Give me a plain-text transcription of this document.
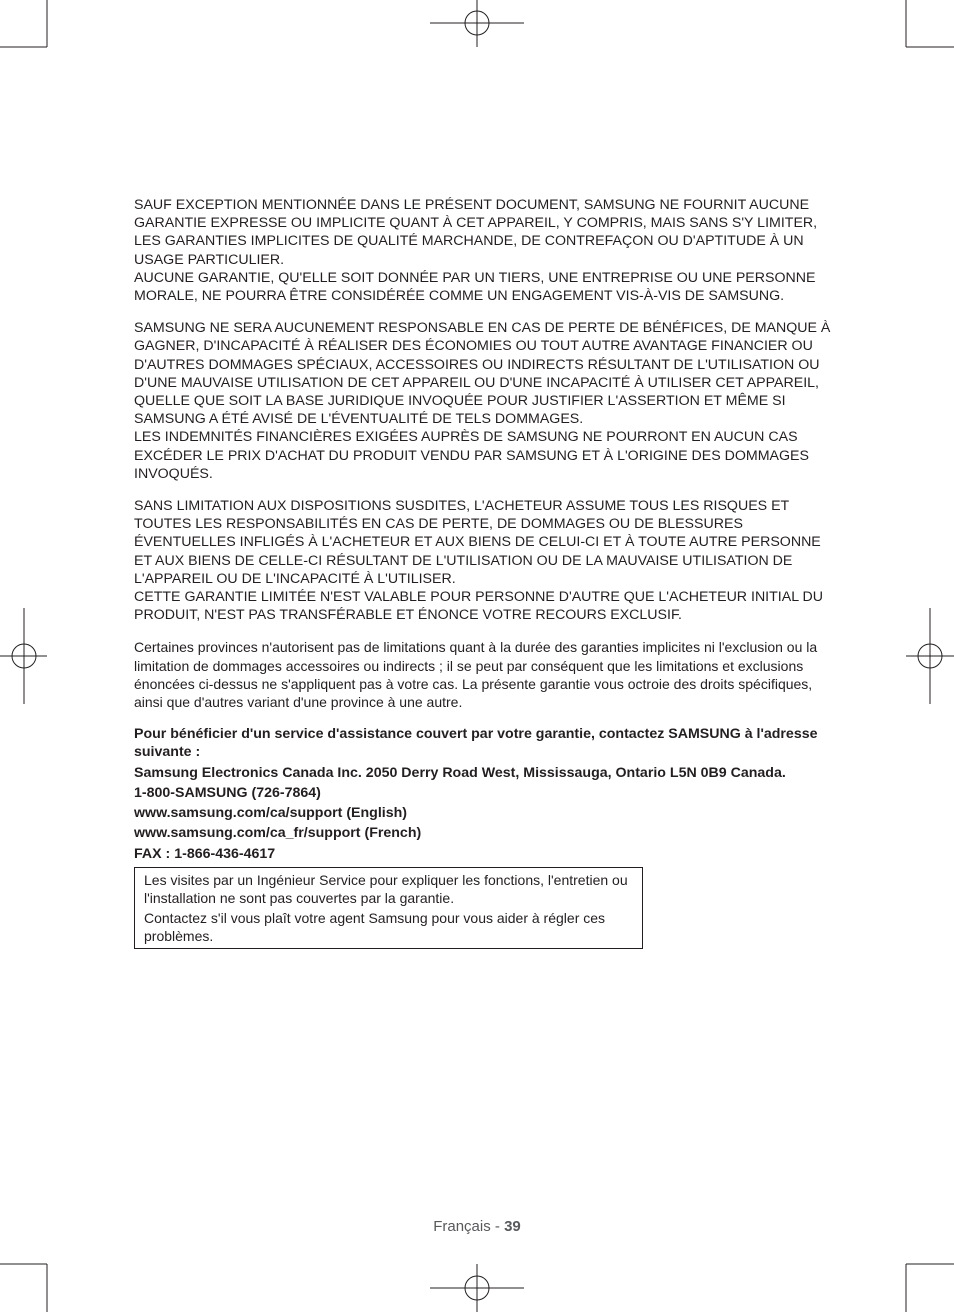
SAUF EXCEPTION MENTIONNÉE DANS LE PRÉSENT DOCUMENT, SAMSUNG NE FOURNIT AUCUNE GARANTIE EXPRESSE OU IMPLICITE QUANT À CET APPAREIL, Y COMPRIS, MAIS SANS S'Y LIMITER, LES GARANTIES IMPLICITES DE QUALITÉ MARCHANDE, DE CONTREFAÇON OU D'APTITUDE À UN USAGE PARTICULIER.
AUCUNE GARANTIE, QU'ELLE SOIT DONNÉE PAR UN TIERS, UNE ENTREPRISE OU UNE PERSONNE MORALE, NE POURRA ÊTRE CONSIDÉRÉE COMME UN ENGAGEMENT VIS-À-VIS DE SAMSUNG.

SAMSUNG NE SERA AUCUNEMENT RESPONSABLE EN CAS DE PERTE DE BÉNÉFICES, DE MANQUE À GAGNER, D'INCAPACITÉ À RÉALISER DES ÉCONOMIES OU TOUT AUTRE AVANTAGE FINANCIER OU D'AUTRES DOMMAGES SPÉCIAUX, ACCESSOIRES OU INDIRECTS RÉSULTANT DE L'UTILISATION OU D'UNE MAUVAISE UTILISATION DE CET APPAREIL OU D'UNE INCAPACITÉ À UTILISER CET APPAREIL, QUELLE QUE SOIT LA BASE JURIDIQUE INVOQUÉE POUR JUSTIFIER L'ASSERTION ET MÊME SI SAMSUNG A ÉTÉ AVISÉ DE L'ÉVENTUALITÉ DE TELS DOMMAGES.
LES INDEMNITÉS FINANCIÈRES EXIGÉES AUPRÈS DE SAMSUNG NE POURRONT EN AUCUN CAS EXCÉDER LE PRIX D'ACHAT DU PRODUIT VENDU PAR SAMSUNG ET À L'ORIGINE DES DOMMAGES INVOQUÉS.

SANS LIMITATION AUX DISPOSITIONS SUSDITES, L'ACHETEUR ASSUME TOUS LES RISQUES ET TOUTES LES RESPONSABILITÉS EN CAS DE PERTE, DE DOMMAGES OU DE BLESSURES ÉVENTUELLES INFLIGÉS À L'ACHETEUR ET AUX BIENS DE CELUI-CI ET À TOUTE AUTRE PERSONNE ET AUX BIENS DE CELLE-CI RÉSULTANT DE L'UTILISATION OU DE LA MAUVAISE UTILISATION DE L'APPAREIL OU DE L'INCAPACITÉ À L'UTILISER.
CETTE GARANTIE LIMITÉE N'EST VALABLE POUR PERSONNE D'AUTRE QUE L'ACHETEUR INITIAL DU PRODUIT, N'EST PAS TRANSFÉRABLE ET ÉNONCE VOTRE RECOURS EXCLUSIF.

Certaines provinces n'autorisent pas de limitations quant à la durée des garanties implicites ni l'exclusion ou la limitation de dommages accessoires ou indirects ; il se peut par conséquent que les limitations et exclusions énoncées ci-dessus ne s'appliquent pas à votre cas. La présente garantie vous octroie des droits spécifiques, ainsi que d'autres variant d'une province à une autre.

Pour bénéficier d'un service d'assistance couvert par votre garantie, contactez SAMSUNG à l'adresse suivante :
Samsung Electronics Canada Inc. 2050 Derry Road West, Mississauga, Ontario L5N 0B9 Canada.
1-800-SAMSUNG (726-7864)
www.samsung.com/ca/support (English)
www.samsung.com/ca_fr/support (French)
FAX : 1-866-436-4617
Les visites par un Ingénieur Service pour expliquer les fonctions, l'entretien ou l'installation ne sont pas couvertes par la garantie.
Contactez s'il vous plaît votre agent Samsung pour vous aider à régler ces problèmes.
Français - 39
